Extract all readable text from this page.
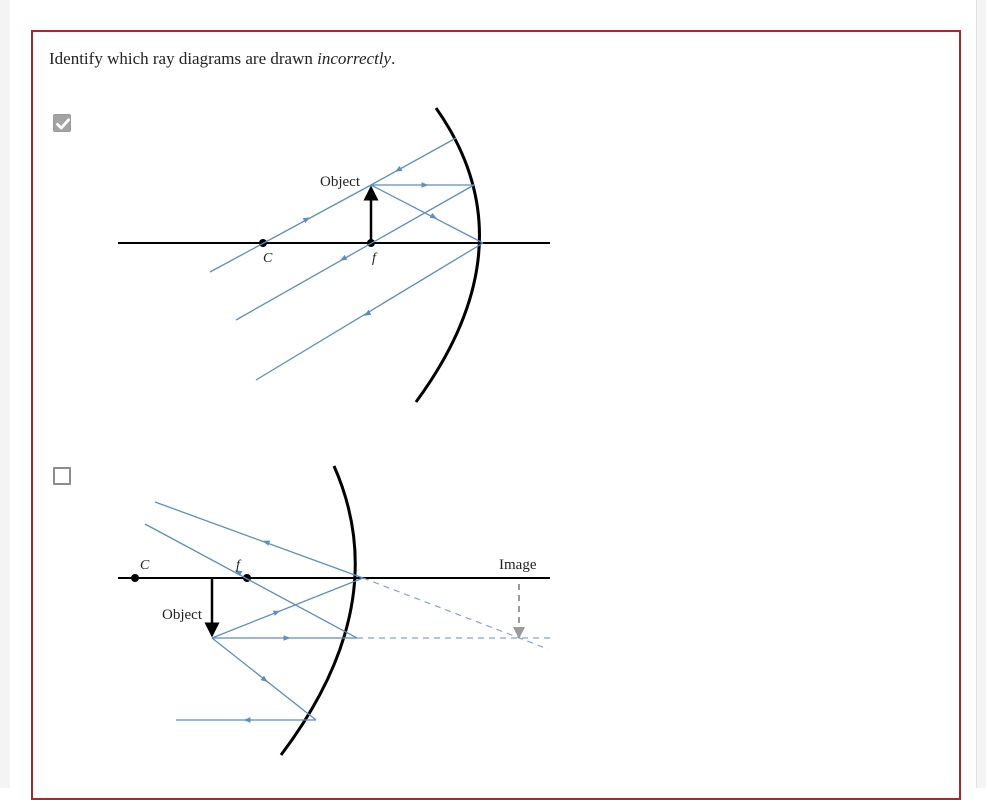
Identify which ray diagrams are drawn incorrectly.
Object
C	f
C	f
Object
Image
